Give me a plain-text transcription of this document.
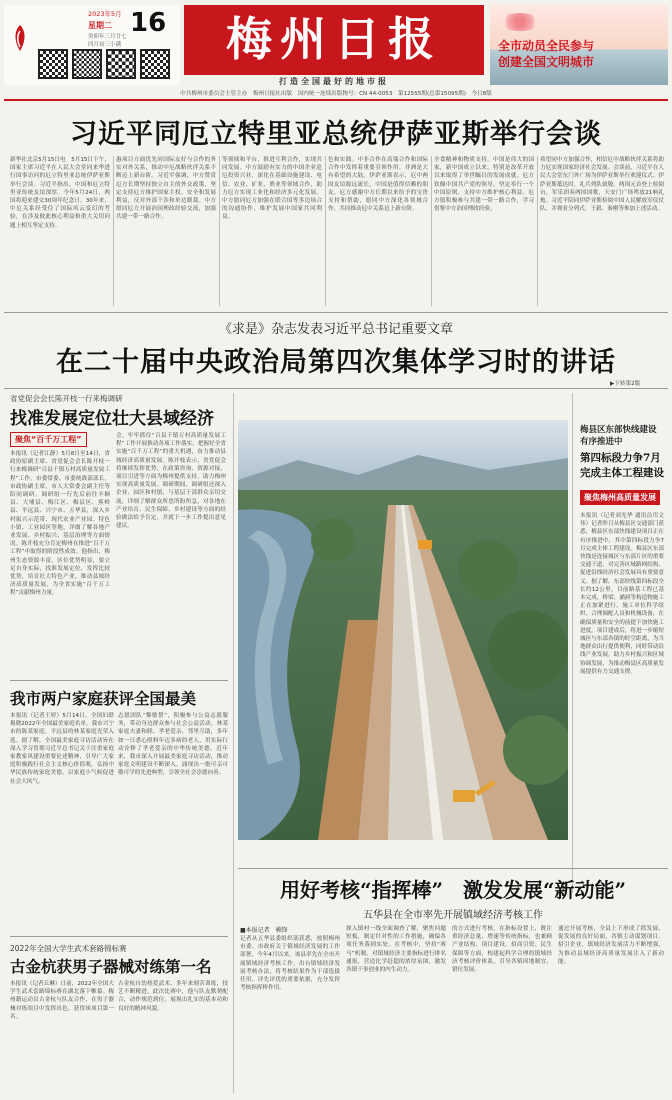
2023年5月
星期二 16
癸卯年三月廿七
四月初三小满	梅州日报
打造全国最好的地市报
全市动员全民参与
创建全国文明城市
中共梅州市委员会主管主办　梅州日报社出版　国内统一连续出版物号：CN 44-0053　第12555期(总第15095期)　今日8版
习近平同厄立特里亚总统伊萨亚斯举行会谈
新华社北京5月15日电　5月15日下午，国家主席习近平在人民大会堂同来华进行国事访问的厄立特里亚总统伊萨亚斯举行会谈。习近平指出，中国和厄立特里亚传统友谊深厚。今年5月24日，两国将迎来建交30周年纪念日。30年来，中厄关系经受住了国际风云变幻的考验，在涉及彼此核心利益和重大关切问题上相互坚定支持。
惠项目方面优先同国际友好与合作的务实对外关系，推动中厄战略伙伴关系不断迈上新台阶。习近平强调，中方赞赏厄方长期坚持独立自主的外交政策，坚定支持厄方维护国家主权、安全和发展利益，反对外部干涉和单边制裁。中方愿同厄方开展治国理政经验交流，加强共建一带一路合作。
等领域和平台，推进互利合作，实现共同发展。中方鼓励有实力的中国企业赴厄投资兴业，深化在基础设施建设、电信、农业、矿业、渔业等领域合作，助力厄方实现工业化和经济多元化发展。中方愿同厄方加强在联合国等多边场合的沟通协作，维护发展中国家共同利益。
色和实践。中非合作在高端合作和国际合作中发挥着重要引领作用。非洲是大有希望的大陆。伊萨亚斯表示，厄中两国友谊源远流长，中国是值得信赖的朋友。厄方感谢中方长期以来给予的宝贵支持和帮助，愿同中方深化各领域合作，共同推动厄中关系迈上新台阶。
全食精神和物质支持。中国是伟大的国家，新中国成立以来，特别是改革开放以来取得了举世瞩目的发展成就。厄方钦佩中国共产党的领导，坚定奉行一个中国原则，支持中方维护核心利益。厄方愿积极参与共建一带一路合作，学习借鉴中方治国理政经验。
希望同中方加强合作，相信厄中战略伙伴关系将助力厄实现国家经济社会发展。会谈前，习近平在人民大会堂东门外广场为伊萨亚斯举行欢迎仪式。伊萨亚斯抵达时，礼兵列队致敬。两国元首登上检阅台，军乐团奏两国国歌，天安门广场鸣放21响礼炮。习近平陪同伊萨亚斯检阅中国人民解放军仪仗队，并观看分列式。王毅、秦刚等参加上述活动。
《求是》杂志发表习近平总书记重要文章
在二十届中央政治局第四次集体学习时的讲话
▶下转第2版
省党促会会长陈开枝一行来梅调研
找准发展定位壮大县域经济
聚焦“百千万工程”
本报讯（记者江静）5月8日至14日，省政协原副主席、省党促会会长陈开枝一行来梅调研“百县千镇万村高质量发展工程”工作。市委常委、市委统战部部长，市政协副主席，市人大常委会副主任等陪同调研。调研组一行先后前往丰顺县、大埔县、梅江区、梅县区、蕉岭县、平远县、兴宁市、五华县，深入乡村振兴示范带、现代农业产业园、特色小镇、工业园区等地，详细了解各地产业发展、乡村振兴、基层治理等方面情况。陈开枝充分肯定梅州在推进“百千万工程”中取得的阶段性成效。他指出，梅州生态资源丰富，区位优势明显，要立足自身实际，找准发展定位，发挥比较优势，培育壮大特色产业，推动县域经济高质量发展，为全省实施“百千万工程”贡献梅州力量。
会，牢牢抓住“百县千镇万村高质量发展工程”工作开展推动各项工作落实，把握好全省实施“百千万工程”的重大机遇，奋力推动县域经济高质量发展。陈开枝表示，省党促会将继续发挥优势，在政策咨询、资源对接、项目引进等方面为梅州提供支持，助力梅州实现高质量发展。调研期间，调研组还深入企业、园区和村镇，与基层干部群众亲切交流，详细了解群众所思所盼所急，对各地在产业培育、民生保障、乡村建设等方面的经验做法给予肯定，并就下一步工作提出意见建议。
我市两户家庭获评全国最美
本报讯（记者王婷）5月14日，全国妇联揭晓2022年全国最美家庭名单。我市兴宁市的陈某家庭、平远县的林某家庭光荣入选。据了解，全国最美家庭寻访活动旨在深入学习贯彻习近平总书记关于注重家庭家教家风建设重要论述精神，引导广大家庭积极践行社会主义核心价值观，弘扬中华民族传统家庭美德，以家庭小气候促进社会大风气。
志愿团队“黎敏帮”，积极参与公益志愿服务，带动身边群众参与社会公益活动。林某家庭夫妻和睦、孝老爱亲、邻里互助，多年如一日悉心照料年迈多病的老人，用实际行动诠释了孝老爱亲的中华传统美德。近年来，我市深入开展最美家庭寻访活动，推动家庭文明建设不断深入，涌现出一批可亲可敬可学的先进典型，引领全社会崇德向善。
2022年全国大学生武术套路锦标赛
古金杭获男子器械对练第一名
本报讯（记者丘琳）日前，2022年全国大学生武术套路锦标赛在湖北落下帷幕。梅州籍运动员古金杭与队友合作，在男子器械对练项目中发挥出色，获得该项目第一名。
古金杭自幼热爱武术，多年来刻苦训练，技艺不断精进。此次比赛中，他与队友默契配合，动作规范到位，展现出扎实的基本功和良好的精神风貌。
梅县区东部快线建设
有序推进中
第四标段力争7月
完成主体工程建设
聚焦梅州高质量发展
本报讯（记者刘光华 通讯员邝文伟）记者昨日从梅县区交通部门获悉，梅县区东部快线建设项目正在有序推进中，其中第四标段力争7月完成主体工程建设。梅县区东部快线是连接城区与东部片区的重要交通干道，对完善区域路网结构、促进沿线经济社会发展具有重要意义。据了解，东部快线第四标段全长约12公里，目前路基工程已基本完成，桥梁、涵洞等构造物施工正在加紧进行。施工单位科学组织、合理调配人员和机械设备，在确保质量和安全的前提下加快施工进度。项目建成后，将进一步缩短城区与东部各镇的时空距离，为当地群众出行提供便利，同时带动沿线产业发展，助力乡村振兴和区域协调发展，为推动梅县区高质量发展提供有力交通支撑。
用好考核“指挥棒”　激发发展“新动能”
五华县在全市率先开展镇域经济考核工作
■本报记者　赖锋
记者从五华县委组织部获悉，按照梅州市委、市政府关于镇域经济发展的工作部署，今年4月以来，该县率先在全市开展镇域经济考核工作，出台镇域经济发展考核办法，将考核结果作为干部选拔任用、评先评优的重要依据，充分发挥考核指挥棒作用。
探入镇村一线全面调查了解，聚焦问题短板，制定针对性的工作措施，确保各项任务落到实处。在考核中，坚持“赛马”机制，对镇域经济主要指标进行排名通报，营造比学赶超的浓厚氛围，激发各镇干事创业的内生动力。
的方式进行考核，在指标设置上，既注重经济总量、增速等传统指标，也兼顾产业结构、项目建设、招商引资、民生保障等方面，构建起科学合理的镇域经济考核评价体系，引导各镇因地制宜、错位发展。
通过开展考核，全县上下形成了抓发展、促发展的良好局面，各镇主动谋划项目、招引企业，镇域经济发展活力不断增强，为推动县域经济高质量发展注入了新动能。
